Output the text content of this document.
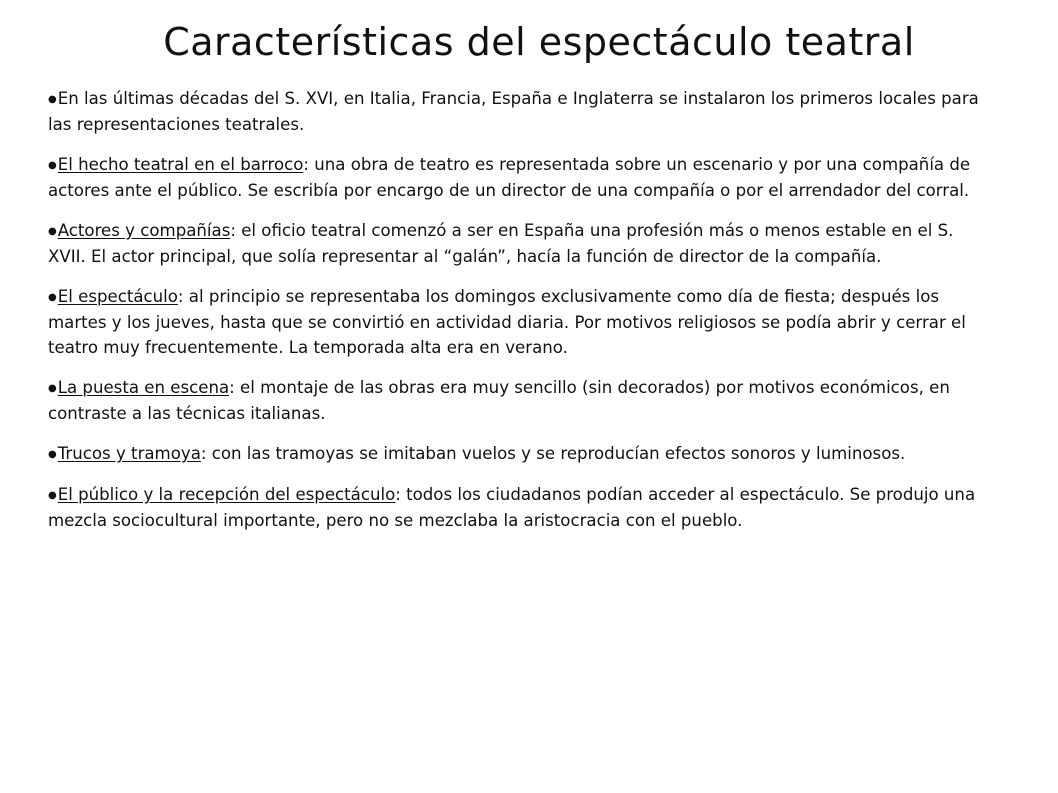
Características del espectáculo teatral

●En las últimas décadas del S. XVI, en Italia, Francia, España e Inglaterra se instalaron los primeros locales para las representaciones teatrales.

●El hecho teatral en el barroco: una obra de teatro es representada sobre un escenario y por una compañía de actores ante el público. Se escribía por encargo de un director de una compañía o por el arrendador del corral.

●Actores y compañías: el oficio teatral comenzó a ser en España una profesión más o menos estable en el S. XVII. El actor principal, que solía representar al “galán”, hacía la función de director de la compañía.

●El espectáculo: al principio se representaba los domingos exclusivamente como día de fiesta; después los martes y los jueves, hasta que se convirtió en actividad diaria. Por motivos religiosos se podía abrir y cerrar el teatro muy frecuentemente. La temporada alta era en verano.

●La puesta en escena: el montaje de las obras era muy sencillo (sin decorados) por motivos económicos, en contraste a las técnicas italianas.

●Trucos y tramoya: con las tramoyas se imitaban vuelos y se reproducían efectos sonoros y luminosos.

●El público y la recepción del espectáculo: todos los ciudadanos podían acceder al espectáculo. Se produjo una mezcla sociocultural importante, pero no se mezclaba la aristocracia con el pueblo.
